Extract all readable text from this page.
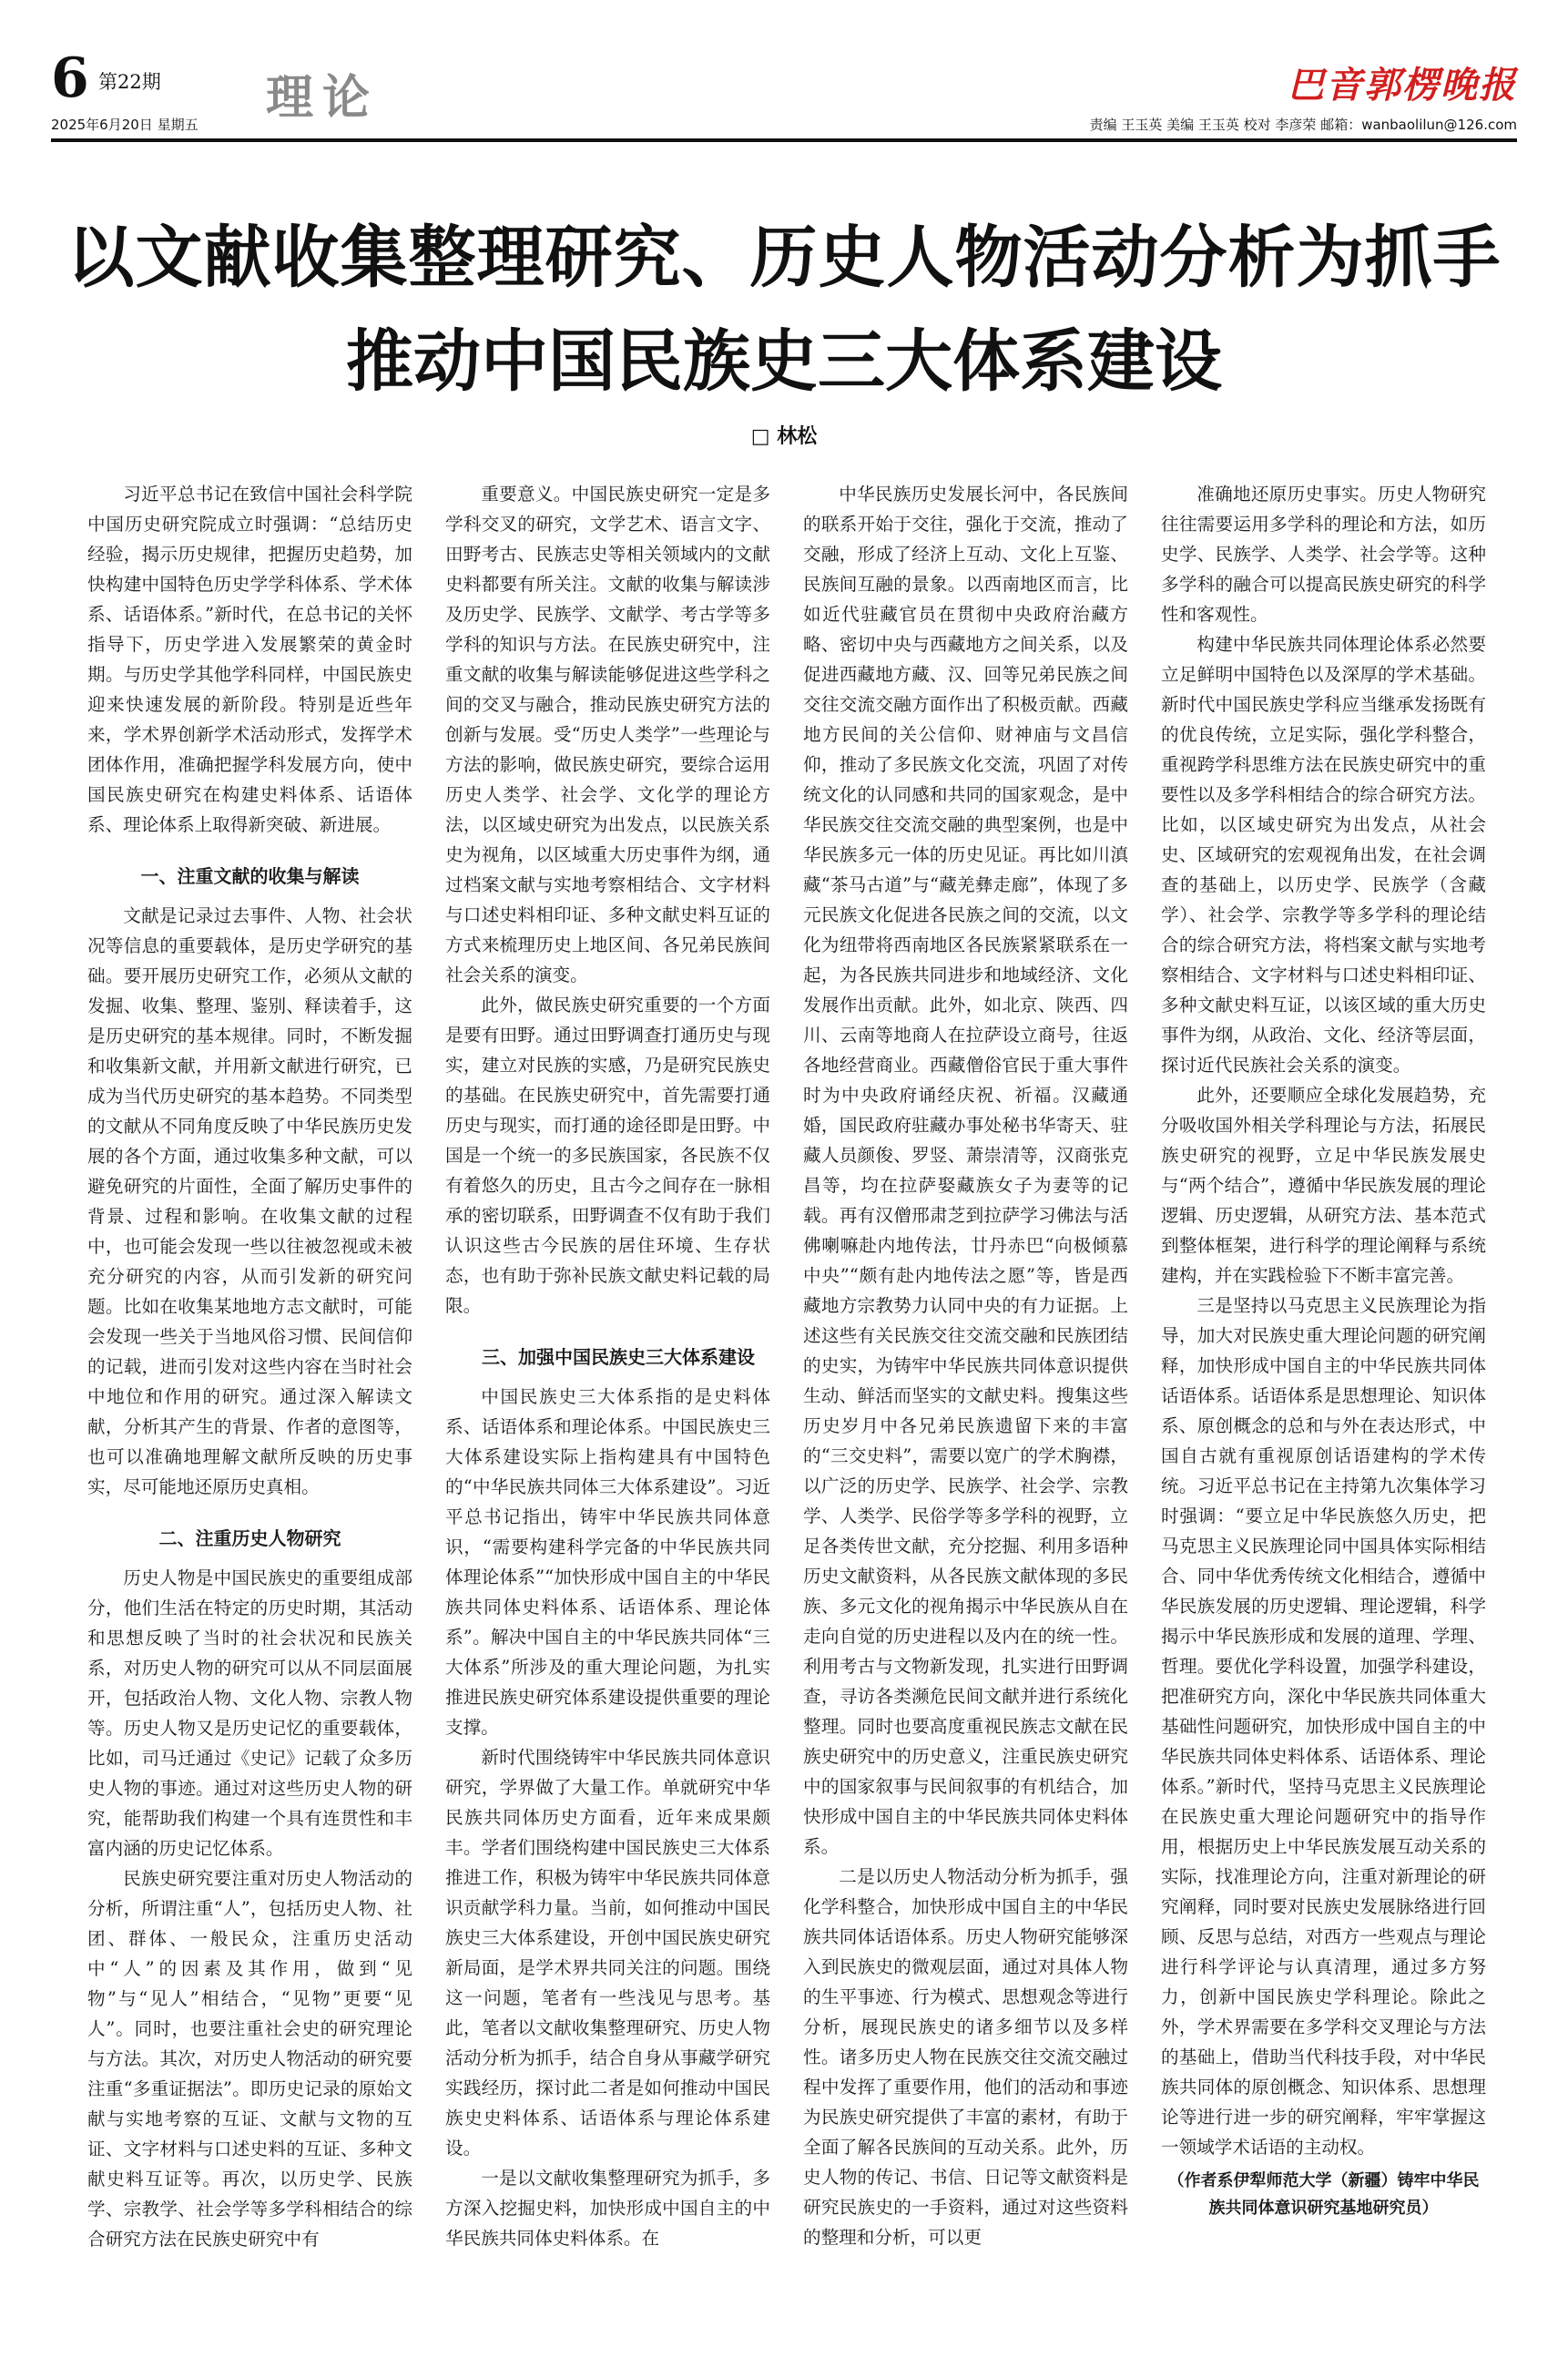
6 第22期
2025年6月20日 星期五 理论	巴音郭楞晚报
责编 王玉英 美编 王玉英 校对 李彦荣 邮箱：wanbaolilun@126.com
以文献收集整理研究、历史人物活动分析为抓手
推动中国民族史三大体系建设
□ 林松

习近平总书记在致信中国社会科学院中国历史研究院成立时强调：“总结历史经验，揭示历史规律，把握历史趋势，加快构建中国特色历史学学科体系、学术体系、话语体系。”新时代，在总书记的关怀指导下，历史学进入发展繁荣的黄金时期。与历史学其他学科同样，中国民族史迎来快速发展的新阶段。特别是近些年来，学术界创新学术活动形式，发挥学术团体作用，准确把握学科发展方向，使中国民族史研究在构建史料体系、话语体系、理论体系上取得新突破、新进展。

一、注重文献的收集与解读

文献是记录过去事件、人物、社会状况等信息的重要载体，是历史学研究的基础。要开展历史研究工作，必须从文献的发掘、收集、整理、鉴别、释读着手，这是历史研究的基本规律。同时，不断发掘和收集新文献，并用新文献进行研究，已成为当代历史研究的基本趋势。不同类型的文献从不同角度反映了中华民族历史发展的各个方面，通过收集多种文献，可以避免研究的片面性，全面了解历史事件的背景、过程和影响。在收集文献的过程中，也可能会发现一些以往被忽视或未被充分研究的内容，从而引发新的研究问题。比如在收集某地地方志文献时，可能会发现一些关于当地风俗习惯、民间信仰的记载，进而引发对这些内容在当时社会中地位和作用的研究。通过深入解读文献，分析其产生的背景、作者的意图等，也可以准确地理解文献所反映的历史事实，尽可能地还原历史真相。

二、注重历史人物研究

历史人物是中国民族史的重要组成部分，他们生活在特定的历史时期，其活动和思想反映了当时的社会状况和民族关系，对历史人物的研究可以从不同层面展开，包括政治人物、文化人物、宗教人物等。历史人物又是历史记忆的重要载体，比如，司马迁通过《史记》记载了众多历史人物的事迹。通过对这些历史人物的研究，能帮助我们构建一个具有连贯性和丰富内涵的历史记忆体系。

民族史研究要注重对历史人物活动的分析，所谓注重“人”，包括历史人物、社团、群体、一般民众，注重历史活动中“人”的因素及其作用，做到“见物”与“见人”相结合，“见物”更要“见人”。同时，也要注重社会史的研究理论与方法。其次，对历史人物活动的研究要注重“多重证据法”。即历史记录的原始文献与实地考察的互证、文献与文物的互证、文字材料与口述史料的互证、多种文献史料互证等。再次，以历史学、民族学、宗教学、社会学等多学科相结合的综合研究方法在民族史研究中有

重要意义。中国民族史研究一定是多学科交叉的研究，文学艺术、语言文字、田野考古、民族志史等相关领域内的文献史料都要有所关注。文献的收集与解读涉及历史学、民族学、文献学、考古学等多学科的知识与方法。在民族史研究中，注重文献的收集与解读能够促进这些学科之间的交叉与融合，推动民族史研究方法的创新与发展。受“历史人类学”一些理论与方法的影响，做民族史研究，要综合运用历史人类学、社会学、文化学的理论方法，以区域史研究为出发点，以民族关系史为视角，以区域重大历史事件为纲，通过档案文献与实地考察相结合、文字材料与口述史料相印证、多种文献史料互证的方式来梳理历史上地区间、各兄弟民族间社会关系的演变。

此外，做民族史研究重要的一个方面是要有田野。通过田野调查打通历史与现实，建立对民族的实感，乃是研究民族史的基础。在民族史研究中，首先需要打通历史与现实，而打通的途径即是田野。中国是一个统一的多民族国家，各民族不仅有着悠久的历史，且古今之间存在一脉相承的密切联系，田野调查不仅有助于我们认识这些古今民族的居住环境、生存状态，也有助于弥补民族文献史料记载的局限。

三、加强中国民族史三大体系建设

中国民族史三大体系指的是史料体系、话语体系和理论体系。中国民族史三大体系建设实际上指构建具有中国特色的“中华民族共同体三大体系建设”。习近平总书记指出，铸牢中华民族共同体意识，“需要构建科学完备的中华民族共同体理论体系”“加快形成中国自主的中华民族共同体史料体系、话语体系、理论体系”。解决中国自主的中华民族共同体“三大体系”所涉及的重大理论问题，为扎实推进民族史研究体系建设提供重要的理论支撑。

新时代围绕铸牢中华民族共同体意识研究，学界做了大量工作。单就研究中华民族共同体历史方面看，近年来成果颇丰。学者们围绕构建中国民族史三大体系推进工作，积极为铸牢中华民族共同体意识贡献学科力量。当前，如何推动中国民族史三大体系建设，开创中国民族史研究新局面，是学术界共同关注的问题。围绕这一问题，笔者有一些浅见与思考。基此，笔者以文献收集整理研究、历史人物活动分析为抓手，结合自身从事藏学研究实践经历，探讨此二者是如何推动中国民族史史料体系、话语体系与理论体系建设。

一是以文献收集整理研究为抓手，多方深入挖掘史料，加快形成中国自主的中华民族共同体史料体系。在

中华民族历史发展长河中，各民族间的联系开始于交往，强化于交流，推动了交融，形成了经济上互动、文化上互鉴、民族间互融的景象。以西南地区而言，比如近代驻藏官员在贯彻中央政府治藏方略、密切中央与西藏地方之间关系，以及促进西藏地方藏、汉、回等兄弟民族之间交往交流交融方面作出了积极贡献。西藏地方民间的关公信仰、财神庙与文昌信仰，推动了多民族文化交流，巩固了对传统文化的认同感和共同的国家观念，是中华民族交往交流交融的典型案例，也是中华民族多元一体的历史见证。再比如川滇藏“茶马古道”与“藏羌彝走廊”，体现了多元民族文化促进各民族之间的交流，以文化为纽带将西南地区各民族紧紧联系在一起，为各民族共同进步和地域经济、文化发展作出贡献。此外，如北京、陕西、四川、云南等地商人在拉萨设立商号，往返各地经营商业。西藏僧俗官民于重大事件时为中央政府诵经庆祝、祈福。汉藏通婚，国民政府驻藏办事处秘书华寄天、驻藏人员颜俊、罗竖、萧崇清等，汉商张克昌等，均在拉萨娶藏族女子为妻等的记载。再有汉僧邢肃芝到拉萨学习佛法与活佛喇嘛赴内地传法，廿丹赤巴“向极倾慕中央”“颇有赴内地传法之愿”等，皆是西藏地方宗教势力认同中央的有力证据。上述这些有关民族交往交流交融和民族团结的史实，为铸牢中华民族共同体意识提供生动、鲜活而坚实的文献史料。搜集这些历史岁月中各兄弟民族遗留下来的丰富的“三交史料”，需要以宽广的学术胸襟，以广泛的历史学、民族学、社会学、宗教学、人类学、民俗学等多学科的视野，立足各类传世文献，充分挖掘、利用多语种历史文献资料，从各民族文献体现的多民族、多元文化的视角揭示中华民族从自在走向自觉的历史进程以及内在的统一性。利用考古与文物新发现，扎实进行田野调查，寻访各类濒危民间文献并进行系统化整理。同时也要高度重视民族志文献在民族史研究中的历史意义，注重民族史研究中的国家叙事与民间叙事的有机结合，加快形成中国自主的中华民族共同体史料体系。

二是以历史人物活动分析为抓手，强化学科整合，加快形成中国自主的中华民族共同体话语体系。历史人物研究能够深入到民族史的微观层面，通过对具体人物的生平事迹、行为模式、思想观念等进行分析，展现民族史的诸多细节以及多样性。诸多历史人物在民族交往交流交融过程中发挥了重要作用，他们的活动和事迹为民族史研究提供了丰富的素材，有助于全面了解各民族间的互动关系。此外，历史人物的传记、书信、日记等文献资料是研究民族史的一手资料，通过对这些资料的整理和分析，可以更

准确地还原历史事实。历史人物研究往往需要运用多学科的理论和方法，如历史学、民族学、人类学、社会学等。这种多学科的融合可以提高民族史研究的科学性和客观性。

构建中华民族共同体理论体系必然要立足鲜明中国特色以及深厚的学术基础。新时代中国民族史学科应当继承发扬既有的优良传统，立足实际，强化学科整合，重视跨学科思维方法在民族史研究中的重要性以及多学科相结合的综合研究方法。比如，以区域史研究为出发点，从社会史、区域研究的宏观视角出发，在社会调查的基础上，以历史学、民族学（含藏学）、社会学、宗教学等多学科的理论结合的综合研究方法，将档案文献与实地考察相结合、文字材料与口述史料相印证、多种文献史料互证，以该区域的重大历史事件为纲，从政治、文化、经济等层面，探讨近代民族社会关系的演变。

此外，还要顺应全球化发展趋势，充分吸收国外相关学科理论与方法，拓展民族史研究的视野，立足中华民族发展史与“两个结合”，遵循中华民族发展的理论逻辑、历史逻辑，从研究方法、基本范式到整体框架，进行科学的理论阐释与系统建构，并在实践检验下不断丰富完善。

三是坚持以马克思主义民族理论为指导，加大对民族史重大理论问题的研究阐释，加快形成中国自主的中华民族共同体话语体系。话语体系是思想理论、知识体系、原创概念的总和与外在表达形式，中国自古就有重视原创话语建构的学术传统。习近平总书记在主持第九次集体学习时强调：“要立足中华民族悠久历史，把马克思主义民族理论同中国具体实际相结合、同中华优秀传统文化相结合，遵循中华民族发展的历史逻辑、理论逻辑，科学揭示中华民族形成和发展的道理、学理、哲理。要优化学科设置，加强学科建设，把准研究方向，深化中华民族共同体重大基础性问题研究，加快形成中国自主的中华民族共同体史料体系、话语体系、理论体系。”新时代，坚持马克思主义民族理论在民族史重大理论问题研究中的指导作用，根据历史上中华民族发展互动关系的实际，找准理论方向，注重对新理论的研究阐释，同时要对民族史发展脉络进行回顾、反思与总结，对西方一些观点与理论进行科学评论与认真清理，通过多方努力，创新中国民族史学科理论。除此之外，学术界需要在多学科交叉理论与方法的基础上，借助当代科技手段，对中华民族共同体的原创概念、知识体系、思想理论等进行进一步的研究阐释，牢牢掌握这一领域学术话语的主动权。

（作者系伊犁师范大学（新疆）铸牢中华民族共同体意识研究基地研究员）
